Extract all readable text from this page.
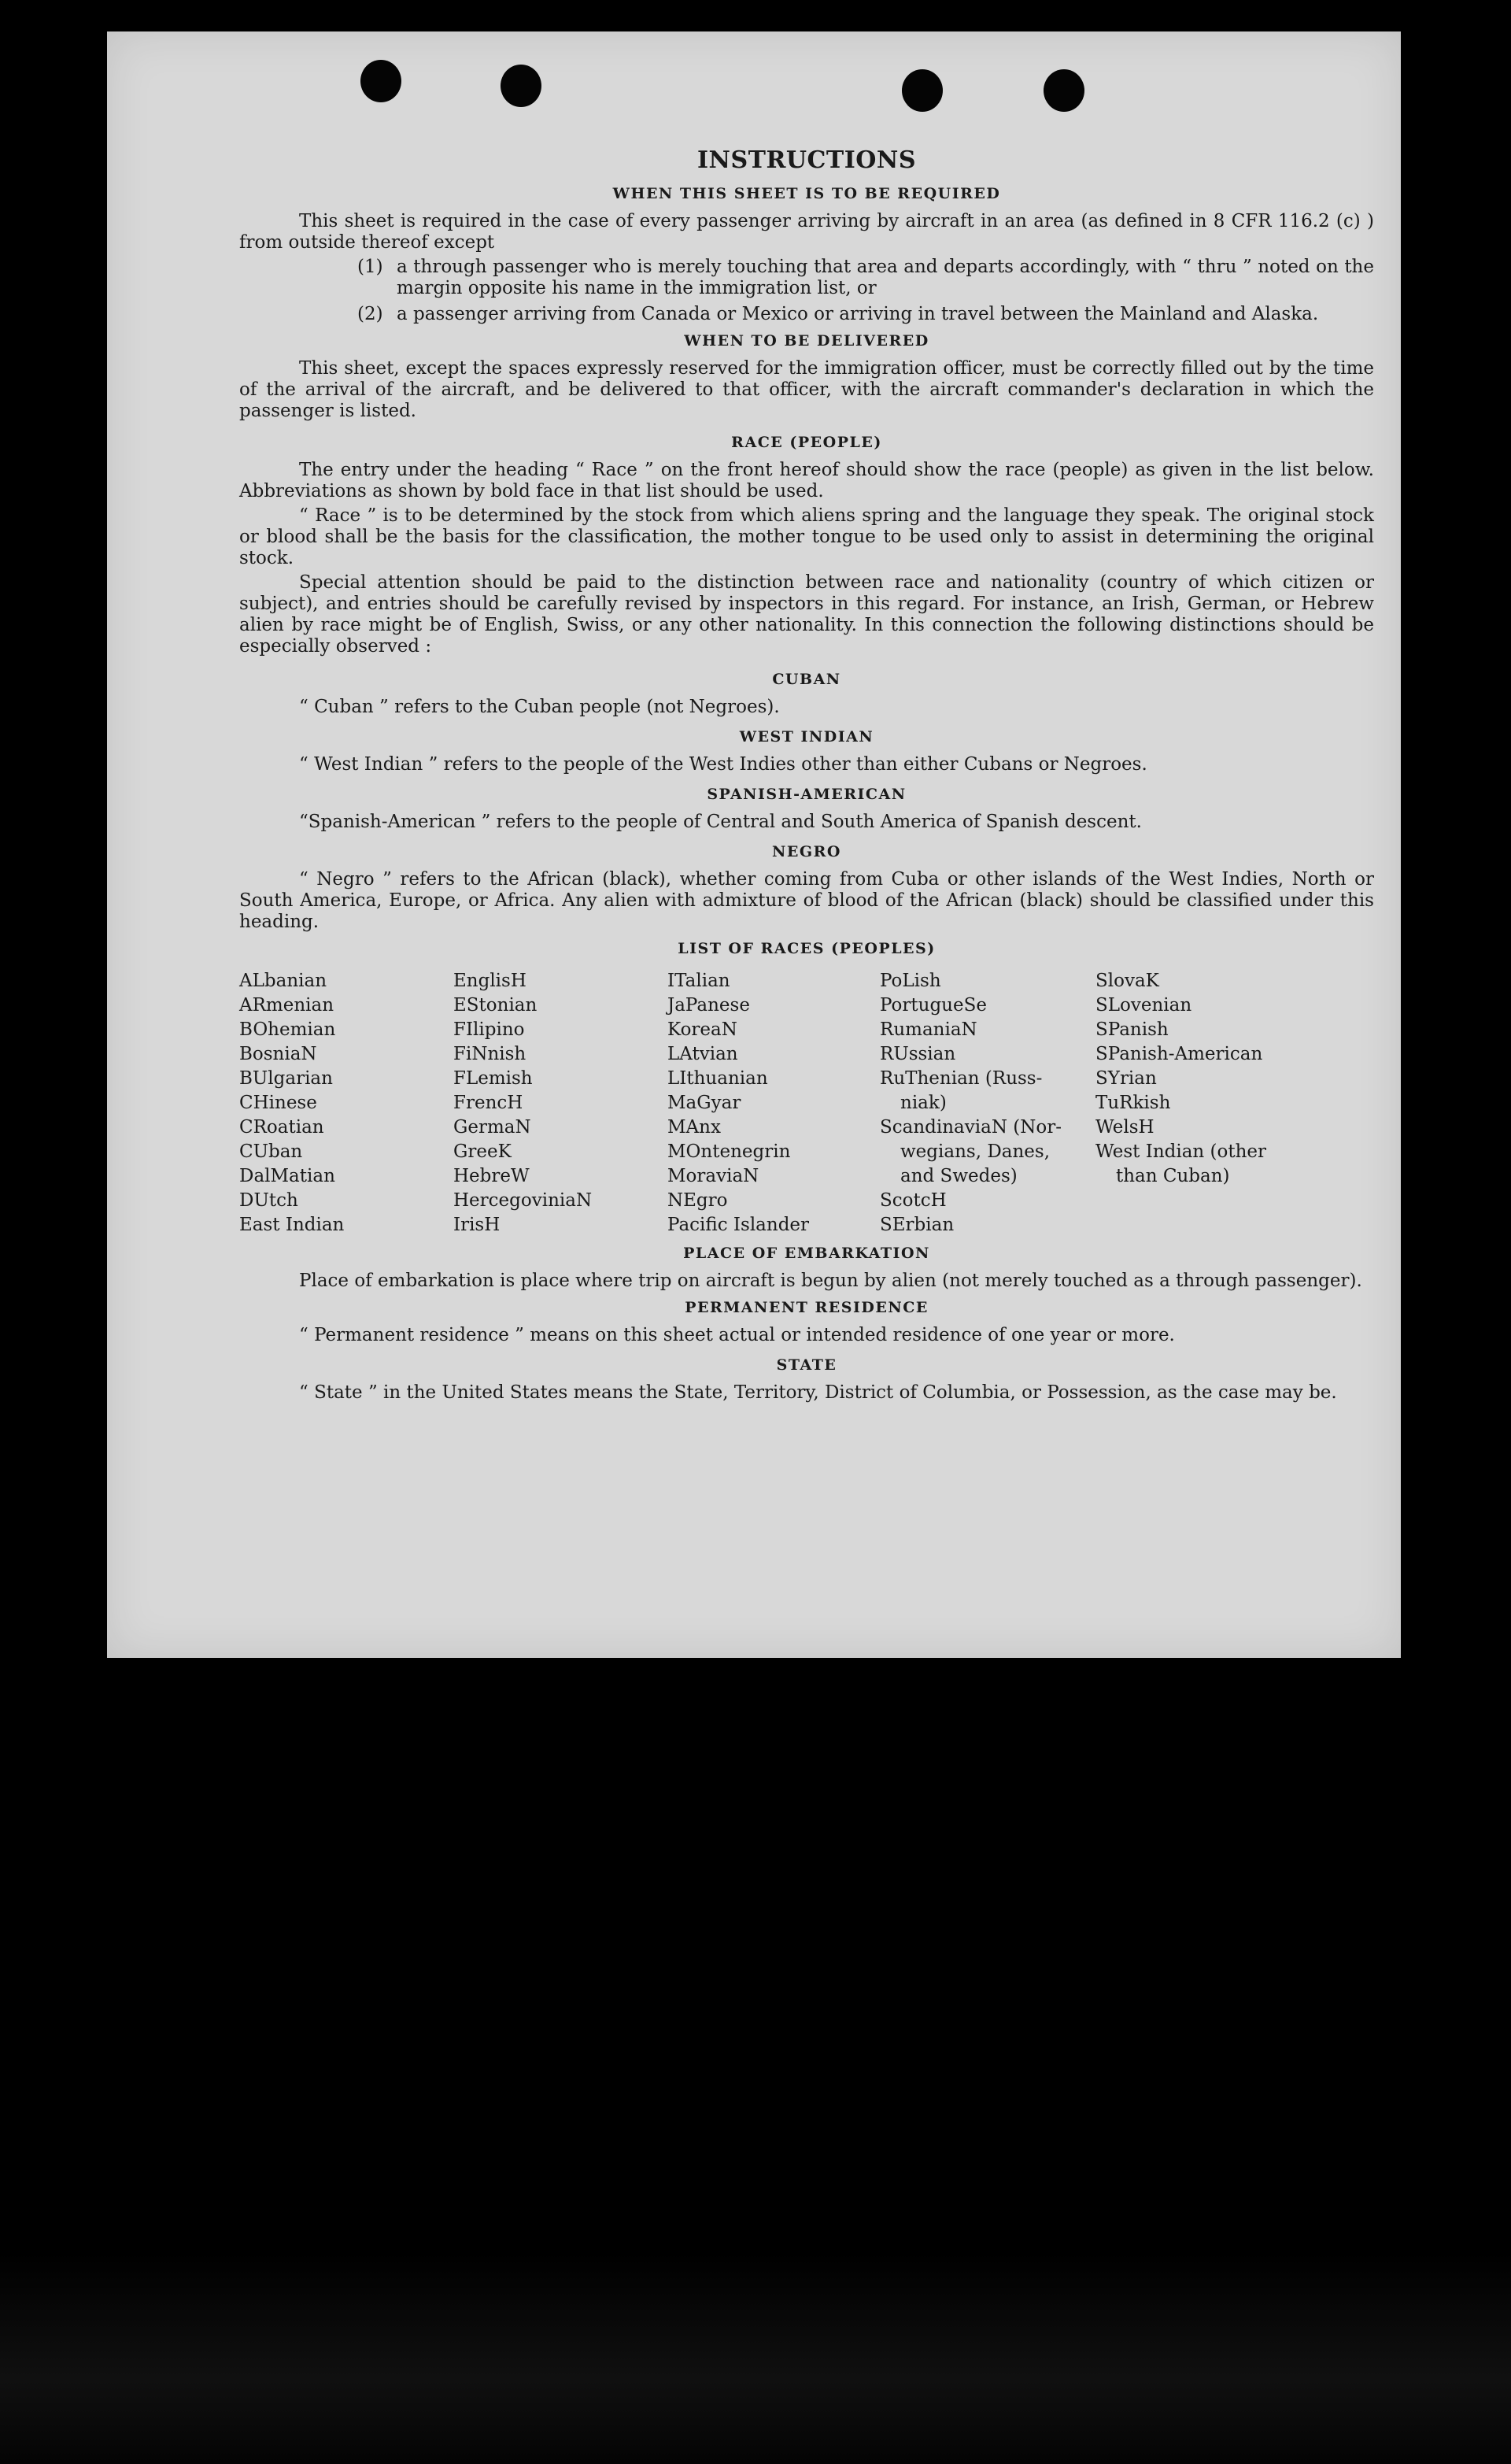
INSTRUCTIONS
WHEN THIS SHEET IS TO BE REQUIRED

This sheet is required in the case of every passenger arriving by aircraft in an area (as defined in 8 CFR 116.2 (c) ) from outside thereof except

(1) a through passenger who is merely touching that area and departs accordingly, with “ thru ” noted on the margin opposite his name in the immigration list, or
(2) a passenger arriving from Canada or Mexico or arriving in travel between the Mainland and Alaska.
WHEN TO BE DELIVERED

This sheet, except the spaces expressly reserved for the immigration officer, must be correctly filled out by the time of the arrival of the aircraft, and be delivered to that officer, with the aircraft commander's declaration in which the passenger is listed.

RACE (PEOPLE)

The entry under the heading “ Race ” on the front hereof should show the race (people) as given in the list below. Abbreviations as shown by bold face in that list should be used.

“ Race ” is to be determined by the stock from which aliens spring and the language they speak. The original stock or blood shall be the basis for the classification, the mother tongue to be used only to assist in determining the original stock.

Special attention should be paid to the distinction between race and nationality (country of which citizen or subject), and entries should be carefully revised by inspectors in this regard. For instance, an Irish, German, or Hebrew alien by race might be of English, Swiss, or any other nationality. In this connection the following distinctions should be especially observed :

CUBAN

“ Cuban ” refers to the Cuban people (not Negroes).

WEST INDIAN

“ West Indian ” refers to the people of the West Indies other than either Cubans or Negroes.

SPANISH-AMERICAN

“Spanish-American ” refers to the people of Central and South America of Spanish descent.

NEGRO

“ Negro ” refers to the African (black), whether coming from Cuba or other islands of the West Indies, North or South America, Europe, or Africa. Any alien with admixture of blood of the African (black) should be classified under this heading.

LIST OF RACES (PEOPLES)
ALbanian
ARmenian
BOhemian
BosniaN
BUlgarian
CHinese
CRoatian
CUban
DalMatian
DUtch
East Indian
EnglisH
EStonian
FIlipino
FiNnish
FLemish
FrencH
GermaN
GreeK
HebreW
HercegoviniaN
IrisH
ITalian
JaPanese
KoreaN
LAtvian
LIthuanian
MaGyar
MAnx
MOntenegrin
MoraviaN
NEgro
Pacific Islander
PoLish
PortugueSe
RumaniaN
RUssian
RuThenian (Russ-
niak)
ScandinaviaN (Nor-
wegians, Danes,
and Swedes)
ScotcH
SErbian
SlovaK
SLovenian
SPanish
SPanish-American
SYrian
TuRkish
WelsH
West Indian (other
than Cuban)
PLACE OF EMBARKATION

Place of embarkation is place where trip on aircraft is begun by alien (not merely touched as a through passenger).

PERMANENT RESIDENCE

“ Permanent residence ” means on this sheet actual or intended residence of one year or more.

STATE

“ State ” in the United States means the State, Territory, District of Columbia, or Possession, as the case may be.
